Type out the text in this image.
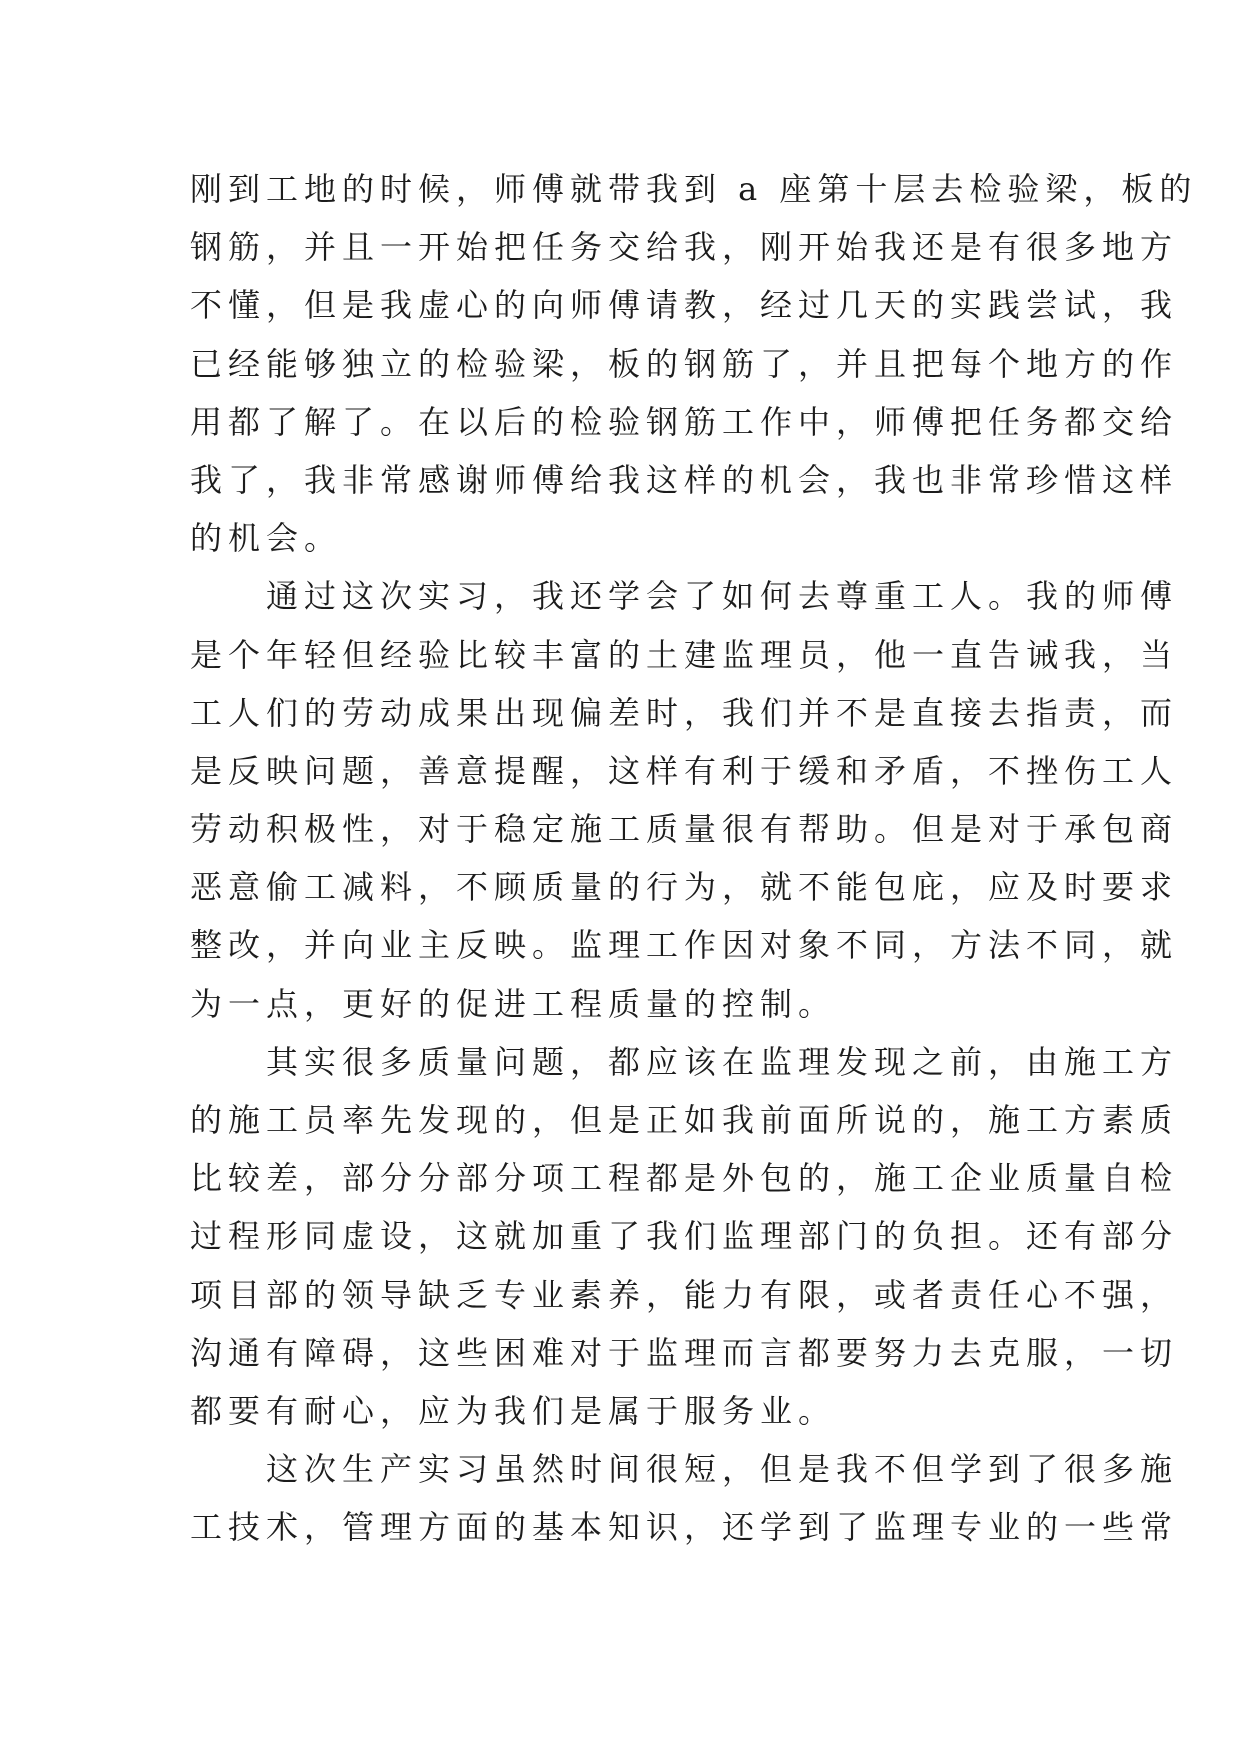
刚到工地的时候，师傅就带我到 a 座第十层去检验梁，板的
钢筋，并且一开始把任务交给我，刚开始我还是有很多地方
不懂，但是我虚心的向师傅请教，经过几天的实践尝试，我
已经能够独立的检验梁，板的钢筋了，并且把每个地方的作
用都了解了。在以后的检验钢筋工作中，师傅把任务都交给
我了，我非常感谢师傅给我这样的机会，我也非常珍惜这样
的机会。
　　通过这次实习，我还学会了如何去尊重工人。我的师傅
是个年轻但经验比较丰富的土建监理员，他一直告诫我，当
工人们的劳动成果出现偏差时，我们并不是直接去指责，而
是反映问题，善意提醒，这样有利于缓和矛盾，不挫伤工人
劳动积极性，对于稳定施工质量很有帮助。但是对于承包商
恶意偷工减料，不顾质量的行为，就不能包庇，应及时要求
整改，并向业主反映。监理工作因对象不同，方法不同，就
为一点，更好的促进工程质量的控制。
　　其实很多质量问题，都应该在监理发现之前，由施工方
的施工员率先发现的，但是正如我前面所说的，施工方素质
比较差，部分分部分项工程都是外包的，施工企业质量自检
过程形同虚设，这就加重了我们监理部门的负担。还有部分
项目部的领导缺乏专业素养，能力有限，或者责任心不强，
沟通有障碍，这些困难对于监理而言都要努力去克服，一切
都要有耐心，应为我们是属于服务业。
　　这次生产实习虽然时间很短，但是我不但学到了很多施
工技术，管理方面的基本知识，还学到了监理专业的一些常
